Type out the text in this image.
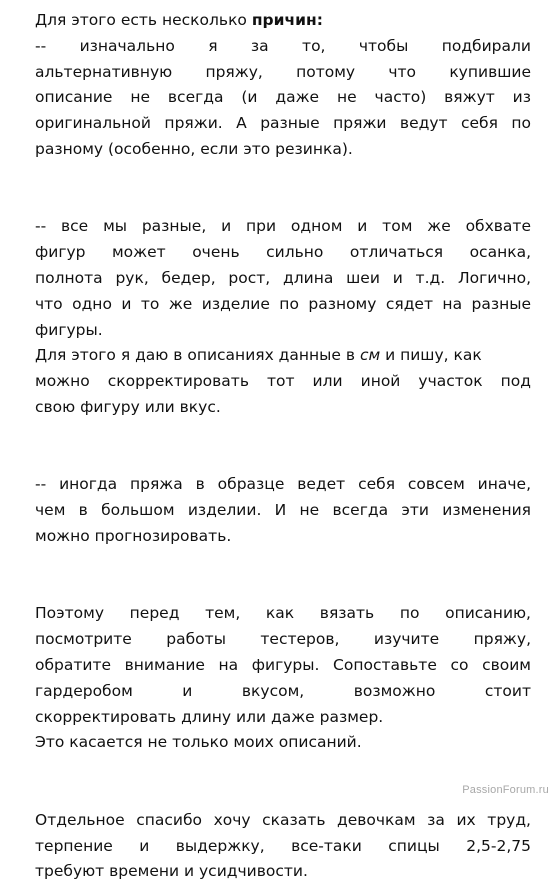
Для этого есть несколько причин:
-- изначально я за то, чтобы подбирали
альтернативную пряжу, потому что купившие
описание не всегда (и даже не часто) вяжут из
оригинальной пряжи. А разные пряжи ведут себя по
разному (особенно, если это резинка).
-- все мы разные, и при одном и том же обхвате
фигур может очень сильно отличаться осанка,
полнота рук, бедер, рост, длина шеи и т.д. Логично,
что одно и то же изделие по разному сядет на разные
фигуры.
Для этого я даю в описаниях данные в см и пишу, как
можно скорректировать тот или иной участок под
свою фигуру или вкус.
-- иногда пряжа в образце ведет себя совсем иначе,
чем в большом изделии. И не всегда эти изменения
можно прогнозировать.
Поэтому перед тем, как вязать по описанию,
посмотрите работы тестеров, изучите пряжу,
обратите внимание на фигуры. Сопоставьте со своим
гардеробом и вкусом, возможно стоит
скорректировать длину или даже размер.
Это касается не только моих описаний.
Отдельное спасибо хочу сказать девочкам за их труд,
терпение и выдержку, все-таки спицы 2,5-2,75
требуют времени и усидчивости.
PassionForum.ru
